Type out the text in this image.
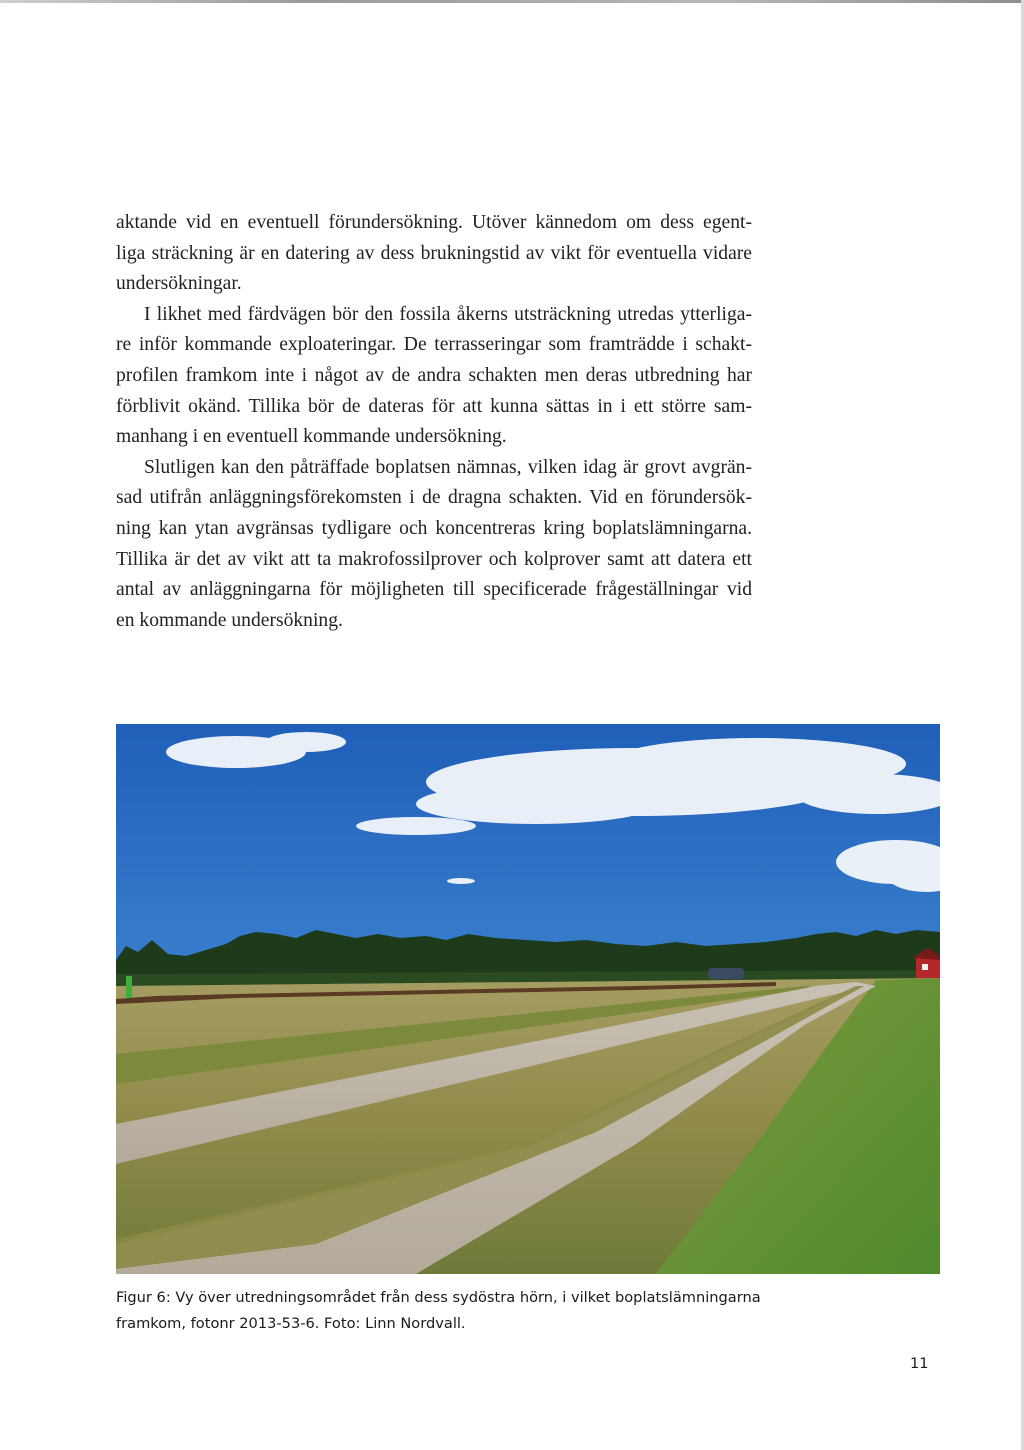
aktande vid en eventuell förundersökning. Utöver kännedom om dess egent-
liga sträckning är en datering av dess brukningstid av vikt för eventuella vidare
undersökningar.
I likhet med färdvägen bör den fossila åkerns utsträckning utredas ytterliga-
re inför kommande exploateringar. De terrasseringar som framträdde i schakt-
profilen framkom inte i något av de andra schakten men deras utbredning har
förblivit okänd. Tillika bör de dateras för att kunna sättas in i ett större sam-
manhang i en eventuell kommande undersökning.
Slutligen kan den påträffade boplatsen nämnas, vilken idag är grovt avgrän-
sad utifrån anläggningsförekomsten i de dragna schakten. Vid en förundersök-
ning kan ytan avgränsas tydligare och koncentreras kring boplatslämningarna.
Tillika är det av vikt att ta makrofossilprover och kolprover samt att datera ett
antal av anläggningarna för möjligheten till specificerade frågeställningar vid
en kommande undersökning.

Figur 6: Vy över utredningsområdet från dess sydöstra hörn, i vilket boplatslämningarna
framkom, fotonr 2013-53-6. Foto: Linn Nordvall.

11
